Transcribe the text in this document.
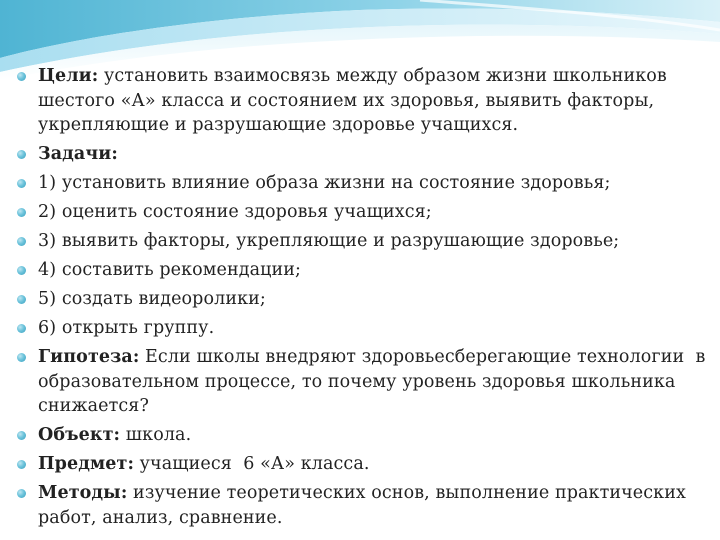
Цели: установить взаимосвязь между образом жизни школьников шестого «А» класса и состоянием их здоровья, выявить факторы, укрепляющие и разрушающие здоровье учащихся.
Задачи:
1) установить влияние образа жизни на состояние здоровья;
2) оценить состояние здоровья учащихся;
3) выявить факторы, укрепляющие и разрушающие здоровье;
4) составить рекомендации;
5) создать видеоролики;
6) открыть группу.
Гипотеза: Если школы внедряют здоровьесберегающие технологии  в образовательном процессе, то почему уровень здоровья школьника снижается?
Объект: школа.
Предмет: учащиеся  6 «А» класса.
Методы: изучение теоретических основ, выполнение практических работ, анализ, сравнение.
